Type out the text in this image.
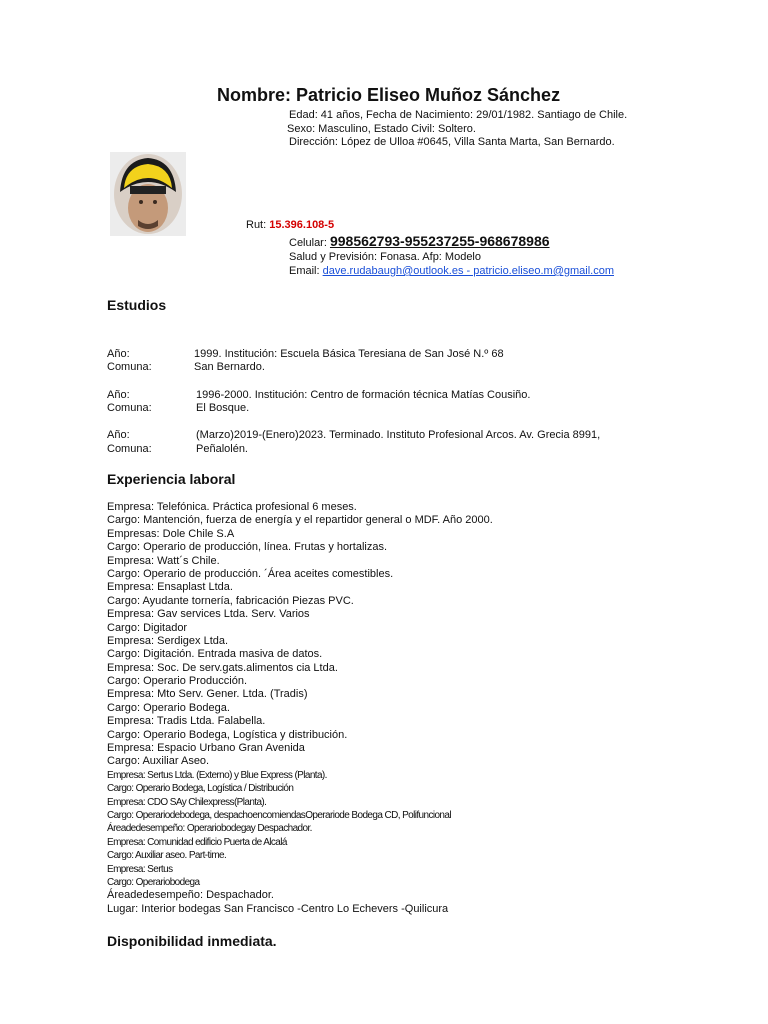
Nombre: Patricio Eliseo Muñoz Sánchez
Edad: 41 años, Fecha de Nacimiento: 29/01/1982. Santiago de Chile.
Sexo: Masculino, Estado Civil: Soltero.
Dirección: López de Ulloa #0645, Villa Santa Marta, San Bernardo.
Rut: 15.396.108-5
Celular: 998562793-955237255-968678986
Salud y Previsión: Fonasa. Afp: Modelo
Email: dave.rudabaugh@outlook.es - patricio.eliseo.m@gmail.com
Estudios
Año:	1999. Institución: Escuela Básica Teresiana de San José N.º 68
Comuna:	San Bernardo.
Año:	1996-2000. Institución: Centro de formación técnica Matías Cousiño.
Comuna:	El Bosque.
Año:	(Marzo)2019-(Enero)2023. Terminado. Instituto Profesional Arcos. Av. Grecia 8991,
Comuna:	Peñalolén.
Experiencia laboral
Empresa: Telefónica. Práctica profesional 6 meses.
Cargo: Mantención, fuerza de energía y el repartidor general o MDF. Año 2000.
Empresas: Dole Chile S.A
Cargo: Operario de producción, línea. Frutas y hortalizas.
Empresa: Watt´s Chile.
Cargo: Operario de producción. ´Área aceites comestibles.
Empresa: Ensaplast Ltda.
Cargo: Ayudante tornería, fabricación Piezas PVC.
Empresa: Gav services Ltda. Serv. Varios
Cargo: Digitador
Empresa: Serdigex Ltda.
Cargo: Digitación. Entrada masiva de datos.
Empresa: Soc. De serv.gats.alimentos cia Ltda.
Cargo: Operario Producción.
Empresa: Mto Serv. Gener. Ltda. (Tradis)
Cargo: Operario Bodega.
Empresa: Tradis Ltda. Falabella.
Cargo: Operario Bodega, Logística y distribución.
Empresa: Espacio Urbano Gran Avenida
Cargo: Auxiliar Aseo.
Empresa: Sertus Ltda. (Externo) y Blue Express (Planta).
Cargo: Operario Bodega, Logística / Distribución
Empresa: CDO SAy Chilexpress(Planta).
Cargo: Operariodebodega, despachoencomiendasOperariode Bodega CD, Polifuncional
Áreadedesempeño: Operariobodegay Despachador.
Empresa: Comunidad edificio Puerta de Alcalá
Cargo: Auxiliar aseo. Part-time.
Empresa: Sertus
Cargo: Operariobodega
Áreadedesempeño: Despachador.
Lugar: Interior bodegas San Francisco -Centro Lo Echevers -Quilicura
Disponibilidad inmediata.
